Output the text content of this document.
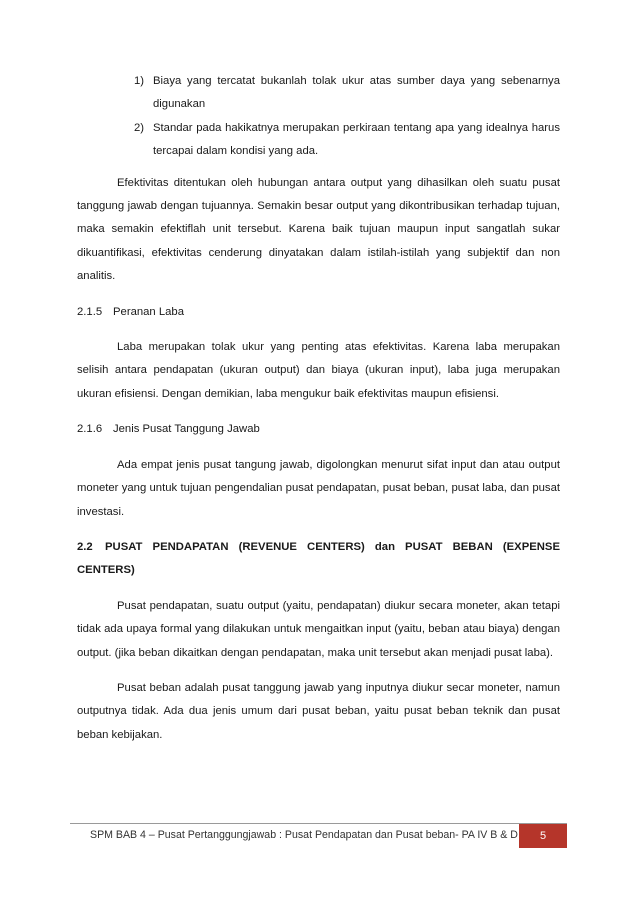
1) Biaya yang tercatat bukanlah tolak ukur atas sumber daya yang sebenarnya digunakan
2) Standar pada hakikatnya merupakan perkiraan tentang apa yang idealnya harus tercapai dalam kondisi yang ada.

Efektivitas ditentukan oleh hubungan antara output yang dihasilkan oleh suatu pusat tanggung jawab dengan tujuannya. Semakin besar output yang dikontribusikan terhadap tujuan, maka semakin efektiflah unit tersebut. Karena baik tujuan maupun input sangatlah sukar dikuantifikasi, efektivitas cenderung dinyatakan dalam istilah-istilah yang subjektif dan non analitis.

2.1.5 Peranan Laba

Laba merupakan tolak ukur yang penting atas efektivitas. Karena laba merupakan selisih antara pendapatan (ukuran output) dan biaya (ukuran input), laba juga merupakan ukuran efisiensi. Dengan demikian, laba mengukur baik efektivitas maupun efisiensi.

2.1.6 Jenis Pusat Tanggung Jawab

Ada empat jenis pusat tangung jawab, digolongkan menurut sifat input dan atau output moneter yang untuk tujuan pengendalian pusat pendapatan, pusat beban, pusat laba, dan pusat investasi.

2.2 PUSAT PENDAPATAN (REVENUE CENTERS) dan PUSAT BEBAN (EXPENSE CENTERS)

Pusat pendapatan, suatu output (yaitu, pendapatan) diukur secara moneter, akan tetapi tidak ada upaya formal yang dilakukan untuk mengaitkan input (yaitu, beban atau biaya) dengan output. (jika beban dikaitkan dengan pendapatan, maka unit tersebut akan menjadi pusat laba).

Pusat beban adalah pusat tanggung jawab yang inputnya diukur secar moneter, namun outputnya tidak. Ada dua jenis umum dari pusat beban, yaitu pusat beban teknik dan pusat beban kebijakan.

SPM BAB 4 – Pusat Pertanggungjawab : Pusat Pendapatan dan Pusat beban- PA IV B & D	5
